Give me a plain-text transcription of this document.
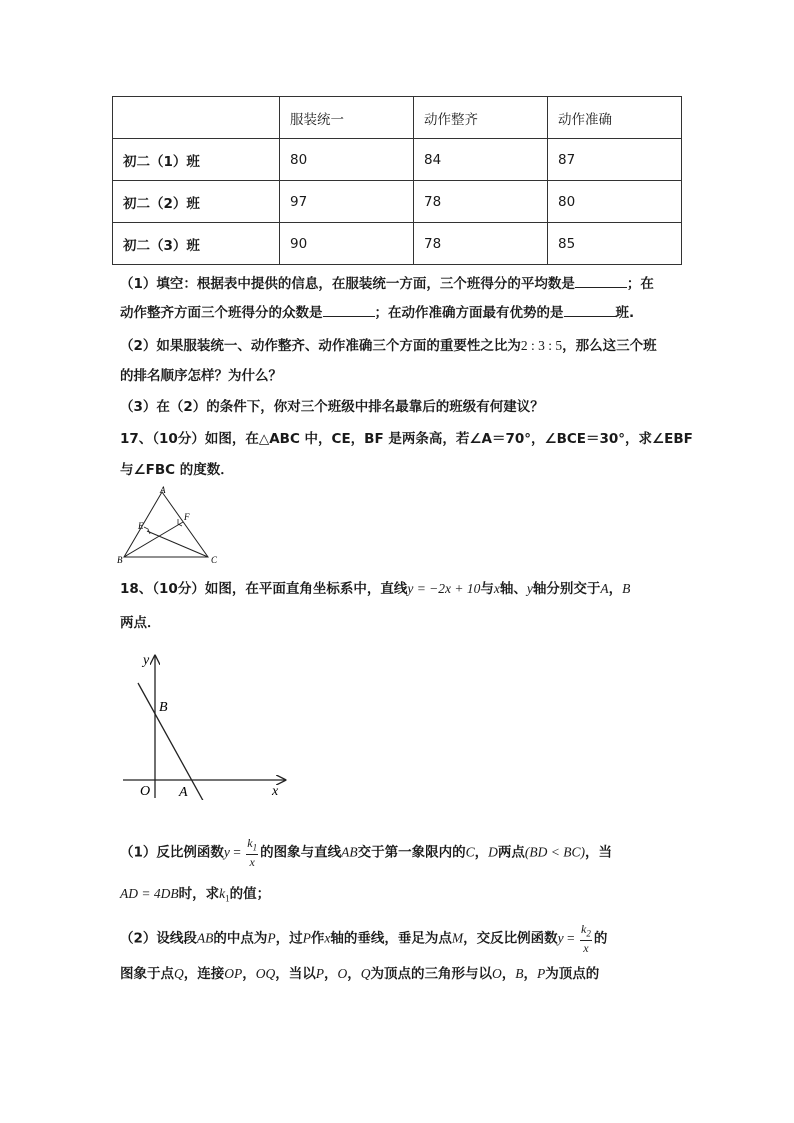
	服装统一	动作整齐	动作准确
初二（1）班	80	84	87
初二（2）班	97	78	80
初二（3）班	90	78	85
（1）填空：根据表中提供的信息，在服装统一方面，三个班得分的平均数是	；在
动作整齐方面三个班得分的众数是	；在动作准确方面最有优势的是	班.
（2）如果服装统一、动作整齐、动作准确三个方面的重要性之比为2 : 3 : 5，那么这三个班
的排名顺序怎样？为什么？
（3）在（2）的条件下，你对三个班级中排名最靠后的班级有何建议？
17、（10分）如图，在△ABC 中，CE，BF 是两条高，若∠A＝70°，∠BCE＝30°，求∠EBF
与∠FBC 的度数．
A
B	C
E
F
18、（10分）如图，在平面直角坐标系中，直线y = −2x + 10与x轴、y轴分别交于A，B
两点．
y
x
O A
B
（1）反比例函数$y = \frac{k_1}{x}$ 的图象与直线AB交于第一象限内的C，D两点(BD < BC)，当
AD = 4DB时，求$k_1$的值；
（2）设线段AB的中点为P，过P作x轴的垂线，垂足为点M，交反比例函数$y = \frac{k_2}{x}$ 的
图象于点Q，连接OP，OQ，当以P，O，Q为顶点的三角形与以O，B，P为顶点的
